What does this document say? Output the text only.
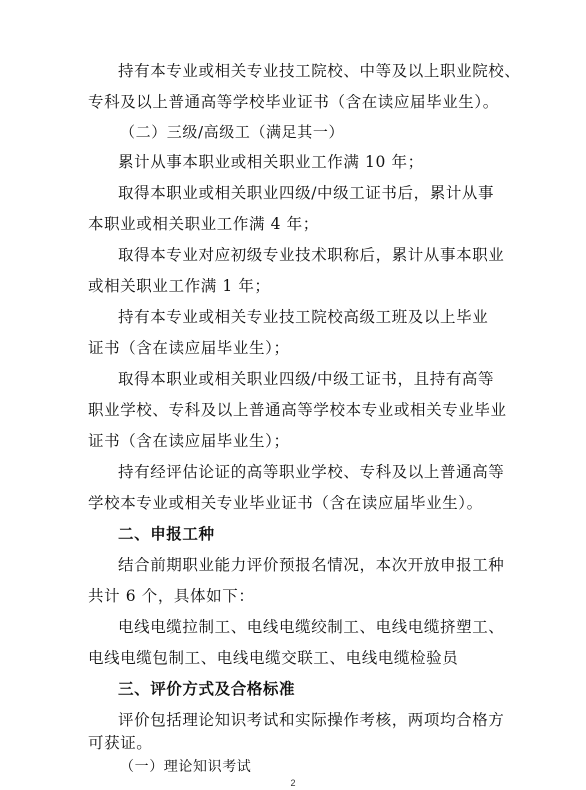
持有本专业或相关专业技工院校、中等及以上职业院校、
专科及以上普通高等学校毕业证书（含在读应届毕业生）。
（二）三级/高级工（满足其一）
累计从事本职业或相关职业工作满 10 年；
取得本职业或相关职业四级/中级工证书后，累计从事
本职业或相关职业工作满 4 年；
取得本专业对应初级专业技术职称后，累计从事本职业
或相关职业工作满 1 年；
持有本专业或相关专业技工院校高级工班及以上毕业
证书（含在读应届毕业生）；
取得本职业或相关职业四级/中级工证书，且持有高等
职业学校、专科及以上普通高等学校本专业或相关专业毕业
证书（含在读应届毕业生）；
持有经评估论证的高等职业学校、专科及以上普通高等
学校本专业或相关专业毕业证书（含在读应届毕业生）。
二、申报工种
结合前期职业能力评价预报名情况，本次开放申报工种
共计 6 个，具体如下：
电线电缆拉制工、电线电缆绞制工、电线电缆挤塑工、
电线电缆包制工、电线电缆交联工、电线电缆检验员
三、评价方式及合格标准
评价包括理论知识考试和实际操作考核，两项均合格方
可获证。
（一）理论知识考试
2
